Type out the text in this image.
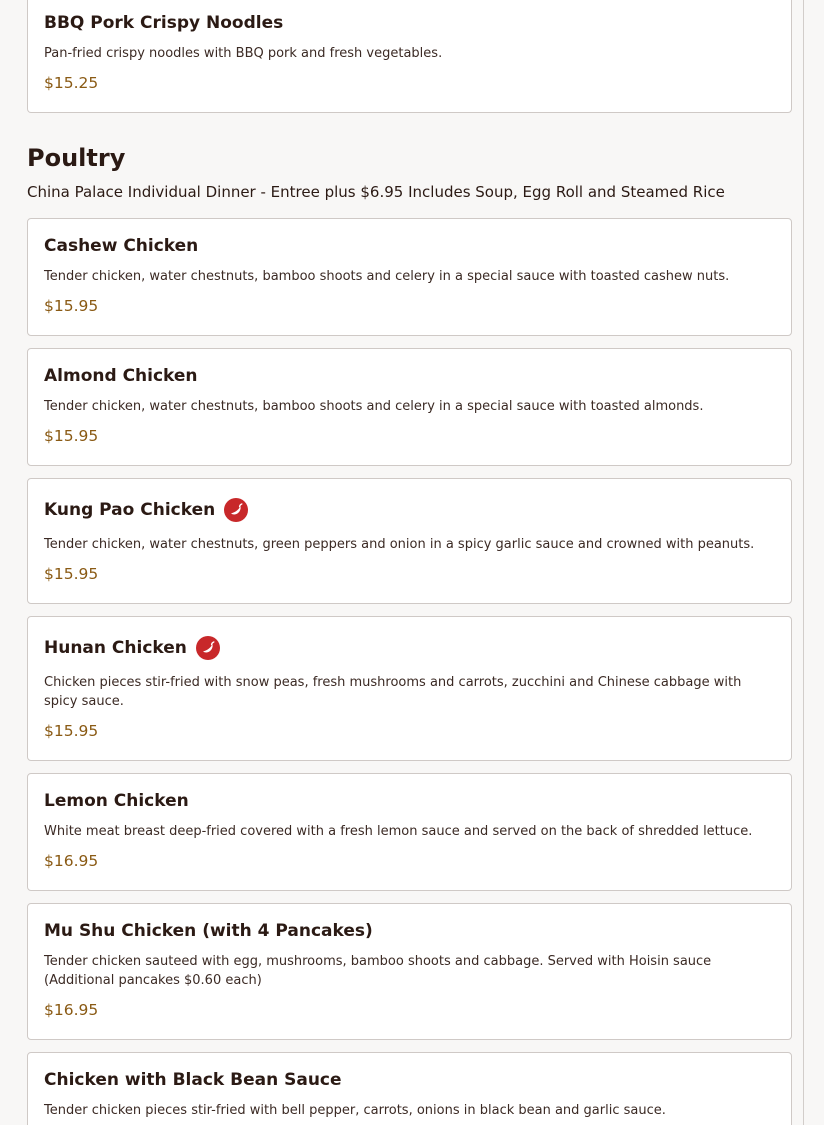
BBQ Pork Crispy Noodles
Pan-fried crispy noodles with BBQ pork and fresh vegetables.
$15.25
Poultry
China Palace Individual Dinner - Entree plus $6.95 Includes Soup, Egg Roll and Steamed Rice
Cashew Chicken
Tender chicken, water chestnuts, bamboo shoots and celery in a special sauce with toasted cashew nuts.
$15.95
Almond Chicken
Tender chicken, water chestnuts, bamboo shoots and celery in a special sauce with toasted almonds.
$15.95
Kung Pao Chicken
Tender chicken, water chestnuts, green peppers and onion in a spicy garlic sauce and crowned with peanuts.
$15.95
Hunan Chicken
Chicken pieces stir-fried with snow peas, fresh mushrooms and carrots, zucchini and Chinese cabbage with spicy sauce.
$15.95
Lemon Chicken
White meat breast deep-fried covered with a fresh lemon sauce and served on the back of shredded lettuce.
$16.95
Mu Shu Chicken (with 4 Pancakes)
Tender chicken sauteed with egg, mushrooms, bamboo shoots and cabbage. Served with Hoisin sauce (Additional pancakes $0.60 each)
$16.95
Chicken with Black Bean Sauce
Tender chicken pieces stir-fried with bell pepper, carrots, onions in black bean and garlic sauce.
